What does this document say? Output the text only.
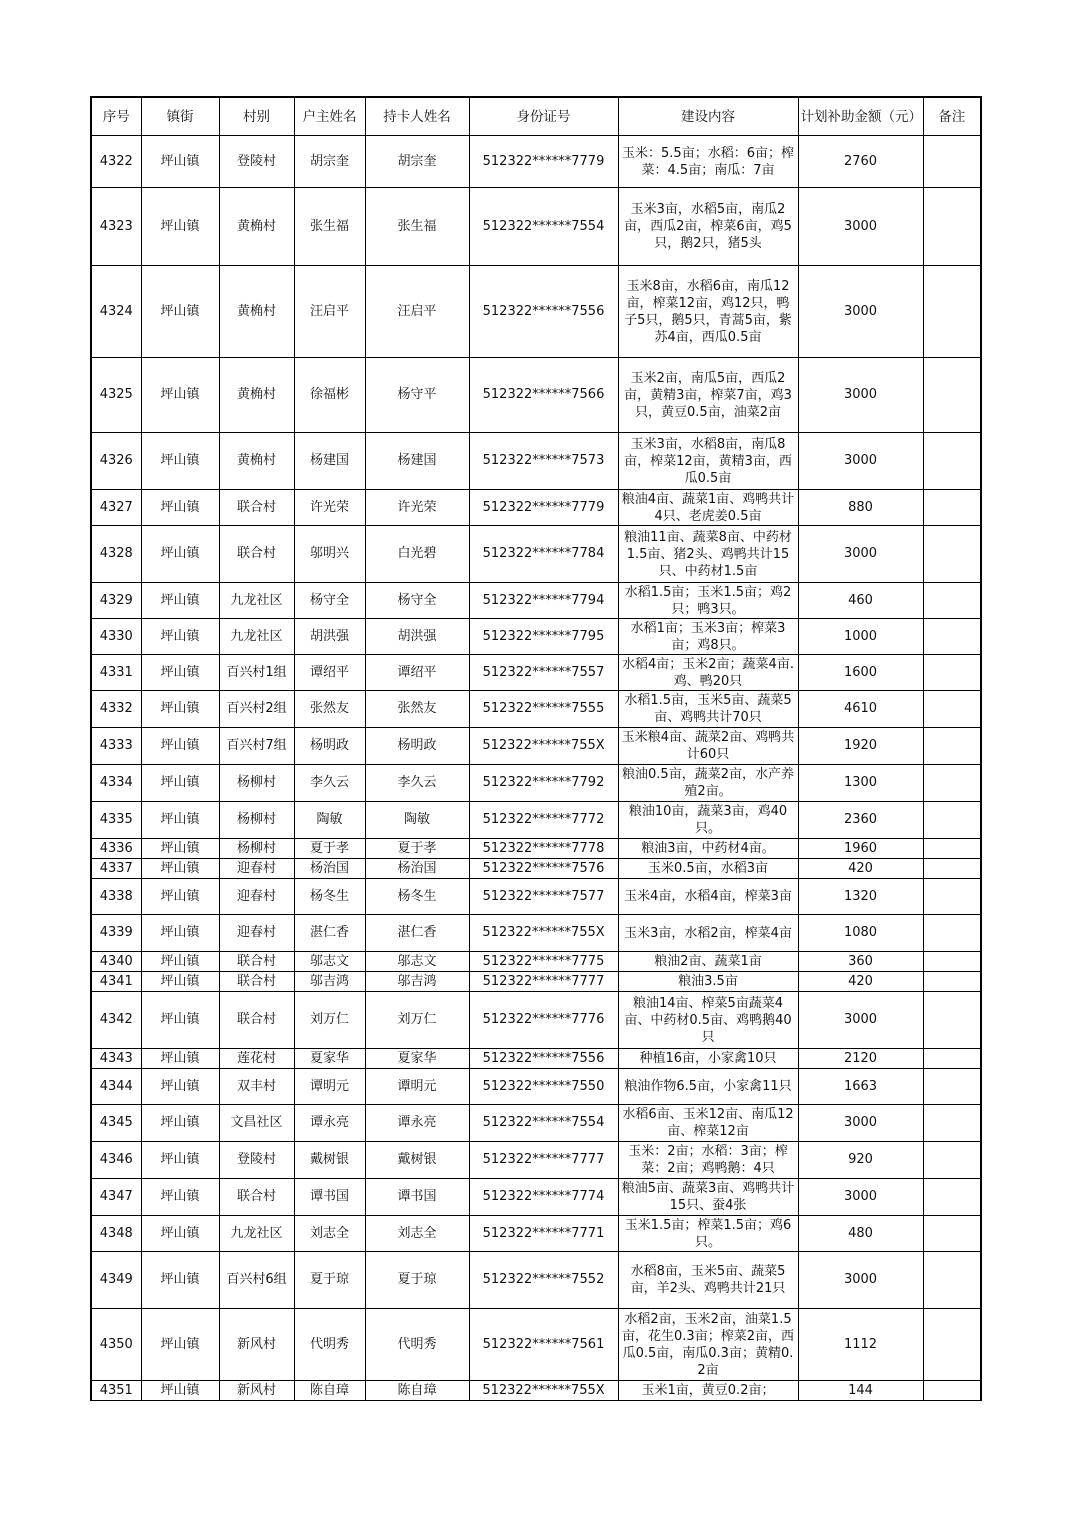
序号	镇街	村别	户主姓名	持卡人姓名	身份证号	建设内容	计划补助金额（元）	备注
4322	坪山镇	登陵村	胡宗奎	胡宗奎	512322******7779	玉米：5.5亩；水稻：6亩；榨菜：4.5亩；南瓜：7亩	2760	
4323	坪山镇	黄桷村	张生福	张生福	512322******7554	玉米3亩，水稻5亩，南瓜2亩，西瓜2亩，榨菜6亩，鸡5只，鹅2只，猪5头	3000	
4324	坪山镇	黄桷村	汪启平	汪启平	512322******7556	玉米8亩，水稻6亩，南瓜12亩，榨菜12亩，鸡12只，鸭子5只，鹅5只，青蒿5亩，紫苏4亩，西瓜0.5亩	3000	
4325	坪山镇	黄桷村	徐福彬	杨守平	512322******7566	玉米2亩，南瓜5亩，西瓜2亩，黄精3亩，榨菜7亩，鸡3只，黄豆0.5亩，油菜2亩	3000	
4326	坪山镇	黄桷村	杨建国	杨建国	512322******7573	玉米3亩，水稻8亩，南瓜8亩，榨菜12亩，黄精3亩，西瓜0.5亩	3000	
4327	坪山镇	联合村	许光荣	许光荣	512322******7779	粮油4亩、蔬菜1亩、鸡鸭共计4只、老虎姜0.5亩	880	
4328	坪山镇	联合村	邬明兴	白光碧	512322******7784	粮油11亩、蔬菜8亩、中药材1.5亩、猪2头、鸡鸭共计15只、中药材1.5亩	3000	
4329	坪山镇	九龙社区	杨守全	杨守全	512322******7794	水稻1.5亩；玉米1.5亩；鸡2只；鸭3只。	460	
4330	坪山镇	九龙社区	胡洪强	胡洪强	512322******7795	水稻1亩；玉米3亩；榨菜3亩；鸡8只。	1000	
4331	坪山镇	百兴村1组	谭绍平	谭绍平	512322******7557	水稻4亩；玉米2亩；蔬菜4亩.鸡、鸭20只	1600	
4332	坪山镇	百兴村2组	张然友	张然友	512322******7555	水稻1.5亩，玉米5亩、蔬菜5亩、鸡鸭共计70只	4610	
4333	坪山镇	百兴村7组	杨明政	杨明政	512322******755X	玉米粮4亩、蔬菜2亩、鸡鸭共计60只	1920	
4334	坪山镇	杨柳村	李久云	李久云	512322******7792	粮油0.5亩，蔬菜2亩，水产养殖2亩。	1300	
4335	坪山镇	杨柳村	陶敏	陶敏	512322******7772	粮油10亩，蔬菜3亩，鸡40只。	2360	
4336	坪山镇	杨柳村	夏于孝	夏于孝	512322******7778	粮油3亩，中药材4亩。	1960	
4337	坪山镇	迎春村	杨治国	杨治国	512322******7576	玉米0.5亩，水稻3亩	420	
4338	坪山镇	迎春村	杨冬生	杨冬生	512322******7577	玉米4亩，水稻4亩，榨菜3亩	1320	
4339	坪山镇	迎春村	湛仁香	湛仁香	512322******755X	玉米3亩，水稻2亩，榨菜4亩	1080	
4340	坪山镇	联合村	邬志文	邬志文	512322******7775	粮油2亩、蔬菜1亩	360	
4341	坪山镇	联合村	邬吉鸿	邬吉鸿	512322******7777	粮油3.5亩	420	
4342	坪山镇	联合村	刘万仁	刘万仁	512322******7776	粮油14亩、榨菜5亩蔬菜4亩、中药材0.5亩、鸡鸭鹅40只	3000	
4343	坪山镇	莲花村	夏家华	夏家华	512322******7556	种植16亩，小家禽10只	2120	
4344	坪山镇	双丰村	谭明元	谭明元	512322******7550	粮油作物6.5亩，小家禽11只	1663	
4345	坪山镇	文昌社区	谭永亮	谭永亮	512322******7554	水稻6亩、玉米12亩、南瓜12亩、榨菜12亩	3000	
4346	坪山镇	登陵村	戴树银	戴树银	512322******7777	玉米：2亩；水稻：3亩；榨菜：2亩；鸡鸭鹅：4只	920	
4347	坪山镇	联合村	谭书国	谭书国	512322******7774	粮油5亩、蔬菜3亩、鸡鸭共计15只、蚕4张	3000	
4348	坪山镇	九龙社区	刘志全	刘志全	512322******7771	玉米1.5亩；榨菜1.5亩；鸡6只。	480	
4349	坪山镇	百兴村6组	夏于琼	夏于琼	512322******7552	水稻8亩，玉米5亩、蔬菜5亩，羊2头、鸡鸭共计21只	3000	
4350	坪山镇	新风村	代明秀	代明秀	512322******7561	水稻2亩，玉米2亩，油菜1.5亩，花生0.3亩；榨菜2亩，西瓜0.5亩，南瓜0.3亩；黄精0.2亩	1112	
4351	坪山镇	新风村	陈自璋	陈自璋	512322******755X	玉米1亩，黄豆0.2亩；	144	
